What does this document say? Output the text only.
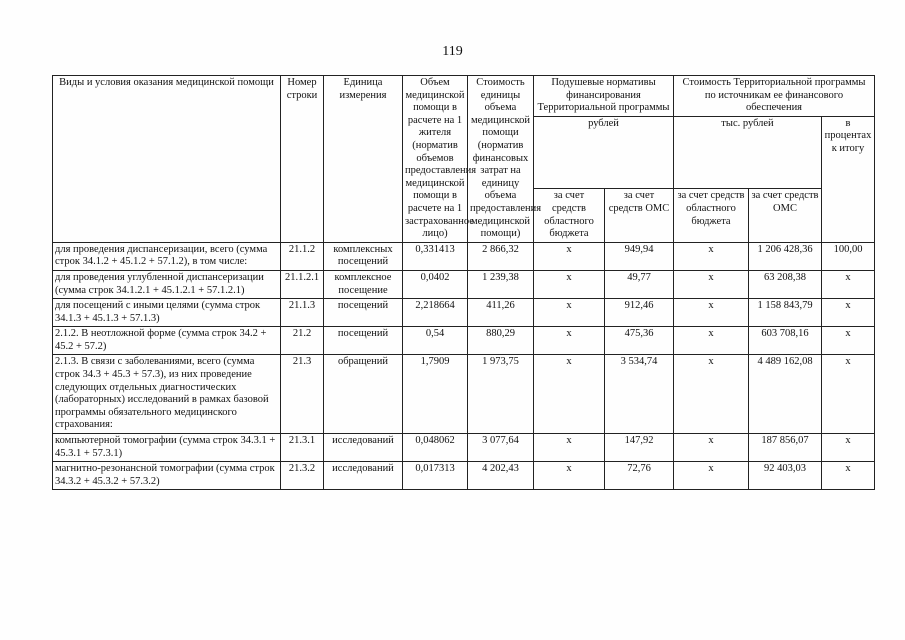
119
Виды и условия оказания медицинской помощи	Номер строки	Единица измерения	Объем медицинской помощи в расчете на 1 жителя (норматив объемов предоставления медицинской помощи в расчете на 1 застрахованное лицо)	Стоимость единицы объема медицинской помощи (норматив финансовых затрат на единицу объема предоставления медицинской помощи)	Подушевые нормативы финансирования Территориальной программы		Стоимость Территориальной программы по источникам ее финансового обеспечения		
					рублей		тыс. рублей		в процентах к итогу
					за счет средств областного бюджета	за счет средств ОМС	за счет средств областного бюджета	за счет средств ОМС	
для проведения диспансеризации, всего (сумма строк 34.1.2 + 45.1.2 + 57.1.2), в том числе:	21.1.2	комплексных посещений	0,331413	2 866,32	х	949,94	х	1 206 428,36	100,00
для проведения углубленной диспансеризации (сумма строк 34.1.2.1 + 45.1.2.1 + 57.1.2.1)	21.1.2.1	комплексное посещение	0,0402	1 239,38	х	49,77	х	63 208,38	х
для посещений с иными целями (сумма строк 34.1.3 + 45.1.3 + 57.1.3)	21.1.3	посещений	2,218664	411,26	х	912,46	х	1 158 843,79	х
2.1.2. В неотложной форме (сумма строк 34.2 + 45.2 + 57.2)	21.2	посещений	0,54	880,29	х	475,36	х	603 708,16	х
2.1.3. В связи с заболеваниями, всего (сумма строк 34.3 + 45.3 + 57.3), из них проведение следующих отдельных диагностических (лабораторных) исследований в рамках базовой программы обязательного медицинского страхования:	21.3	обращений	1,7909	1 973,75	х	3 534,74	х	4 489 162,08	х
компьютерной томографии (сумма строк 34.3.1 + 45.3.1 + 57.3.1)	21.3.1	исследований	0,048062	3 077,64	х	147,92	х	187 856,07	х
магнитно-резонансной томографии (сумма строк 34.3.2 + 45.3.2 + 57.3.2)	21.3.2	исследований	0,017313	4 202,43	х	72,76	х	92 403,03	х
